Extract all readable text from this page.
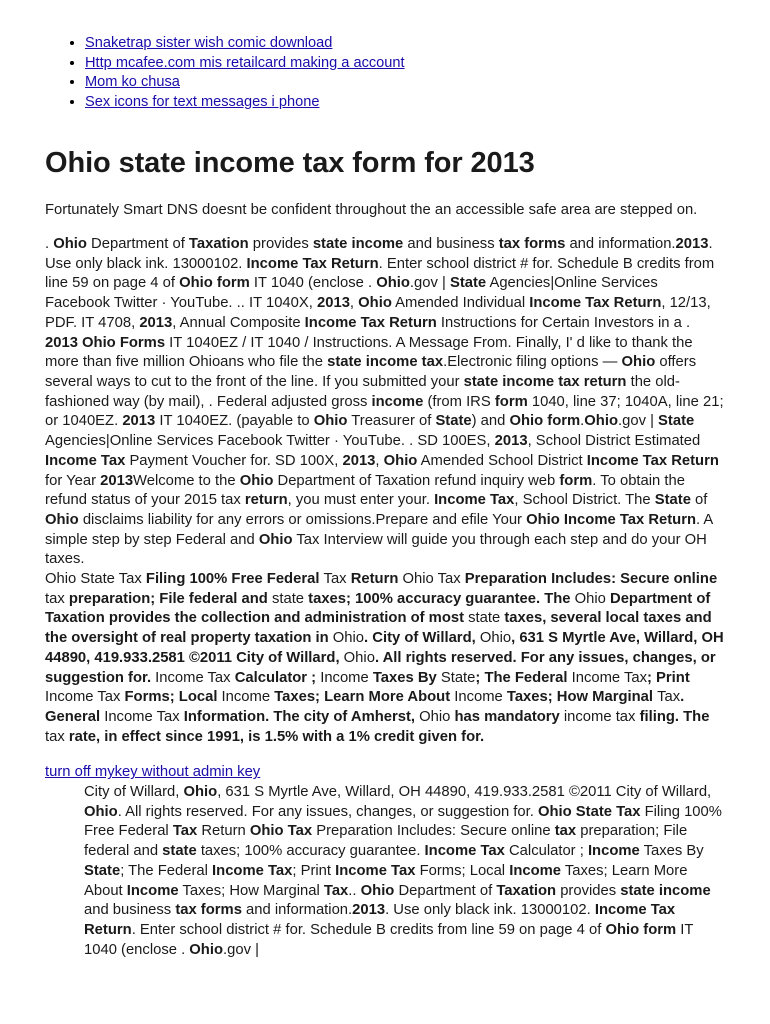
• Snaketrap sister wish comic download
• Http mcafee.com mis retailcard making a account
• Mom ko chusa
• Sex icons for text messages i phone
Ohio state income tax form for 2013

Fortunately Smart DNS doesnt be confident throughout the an accessible safe area are stepped on.

. Ohio Department of Taxation provides state income and business tax forms and information.2013. Use only black ink. 13000102. Income Tax Return. Enter school district # for. Schedule B credits from line 59 on page 4 of Ohio form IT 1040 (enclose . Ohio.gov | State Agencies|Online Services Facebook Twitter · YouTube. .. IT 1040X, 2013, Ohio Amended Individual Income Tax Return, 12/13, PDF. IT 4708, 2013, Annual Composite Income Tax Return Instructions for Certain Investors in a . 2013 Ohio Forms IT 1040EZ / IT 1040 / Instructions. A Message From. Finally, I' d like to thank the more than five million Ohioans who file the state income tax.Electronic filing options — Ohio offers several ways to cut to the front of the line. If you submitted your state income tax return the old-fashioned way (by mail), . Federal adjusted gross income (from IRS form 1040, line 37; 1040A, line 21; or 1040EZ. 2013 IT 1040EZ. (payable to Ohio Treasurer of State) and Ohio form.Ohio.gov | State Agencies|Online Services Facebook Twitter · YouTube. . SD 100ES, 2013, School District Estimated Income Tax Payment Voucher for. SD 100X, 2013, Ohio Amended School District Income Tax Return for Year 2013Welcome to the Ohio Department of Taxation refund inquiry web form. To obtain the refund status of your 2015 tax return, you must enter your. Income Tax, School District. The State of Ohio disclaims liability for any errors or omissions.Prepare and efile Your Ohio Income Tax Return. A simple step by step Federal and Ohio Tax Interview will guide you through each step and do your OH taxes.
Ohio State Tax Filing 100% Free Federal Tax Return Ohio Tax Preparation Includes: Secure online tax preparation; File federal and state taxes; 100% accuracy guarantee. The Ohio Department of Taxation provides the collection and administration of most state taxes, several local taxes and the oversight of real property taxation in Ohio. City of Willard, Ohio, 631 S Myrtle Ave, Willard, OH 44890, 419.933.2581 ©2011 City of Willard, Ohio. All rights reserved. For any issues, changes, or suggestion for. Income Tax Calculator ; Income Taxes By State; The Federal Income Tax; Print Income Tax Forms; Local Income Taxes; Learn More About Income Taxes; How Marginal Tax. General Income Tax Information. The city of Amherst, Ohio has mandatory income tax filing. The tax rate, in effect since 1991, is 1.5% with a 1% credit given for.
turn off mykey without admin key
City of Willard, Ohio, 631 S Myrtle Ave, Willard, OH 44890, 419.933.2581 ©2011 City of Willard, Ohio. All rights reserved. For any issues, changes, or suggestion for. Ohio State Tax Filing 100% Free Federal Tax Return Ohio Tax Preparation Includes: Secure online tax preparation; File federal and state taxes; 100% accuracy guarantee. Income Tax Calculator ; Income Taxes By State; The Federal Income Tax; Print Income Tax Forms; Local Income Taxes; Learn More About Income Taxes; How Marginal Tax.. Ohio Department of Taxation provides state income and business tax forms and information.2013. Use only black ink. 13000102. Income Tax Return. Enter school district # for. Schedule B credits from line 59 on page 4 of Ohio form IT 1040 (enclose . Ohio.gov |
